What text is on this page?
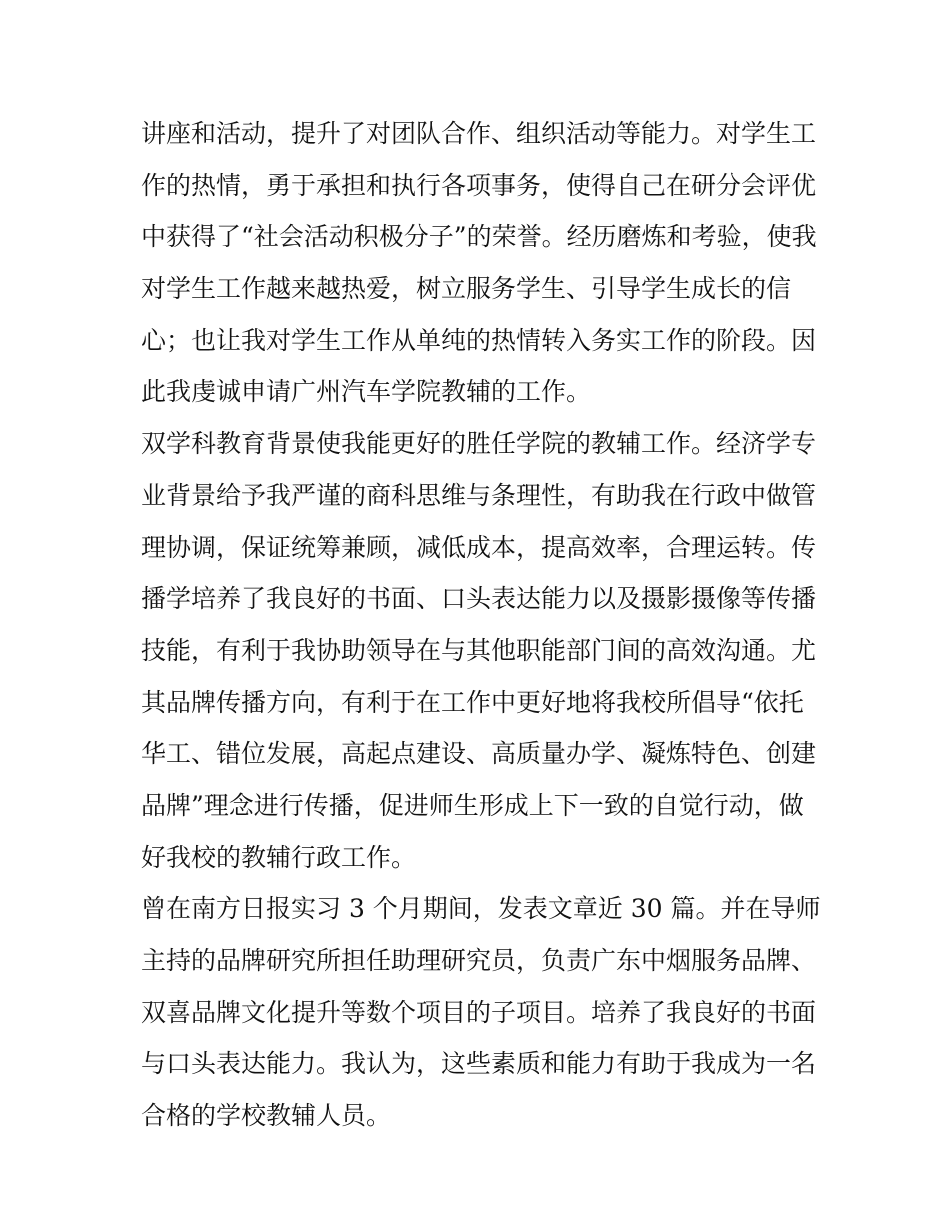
讲座和活动，提升了对团队合作、组织活动等能力。对学生工
作的热情，勇于承担和执行各项事务，使得自己在研分会评优
中获得了“社会活动积极分子”的荣誉。经历磨炼和考验，使我
对学生工作越来越热爱，树立服务学生、引导学生成长的信
心；也让我对学生工作从单纯的热情转入务实工作的阶段。因
此我虔诚申请广州汽车学院教辅的工作。
双学科教育背景使我能更好的胜任学院的教辅工作。经济学专
业背景给予我严谨的商科思维与条理性，有助我在行政中做管
理协调，保证统筹兼顾，减低成本，提高效率，合理运转。传
播学培养了我良好的书面、口头表达能力以及摄影摄像等传播
技能，有利于我协助领导在与其他职能部门间的高效沟通。尤
其品牌传播方向，有利于在工作中更好地将我校所倡导“依托
华工、错位发展，高起点建设、高质量办学、凝炼特色、创建
品牌”理念进行传播，促进师生形成上下一致的自觉行动，做
好我校的教辅行政工作。
曾在南方日报实习 3 个月期间，发表文章近 30 篇。并在导师
主持的品牌研究所担任助理研究员，负责广东中烟服务品牌、
双喜品牌文化提升等数个项目的子项目。培养了我良好的书面
与口头表达能力。我认为，这些素质和能力有助于我成为一名
合格的学校教辅人员。
